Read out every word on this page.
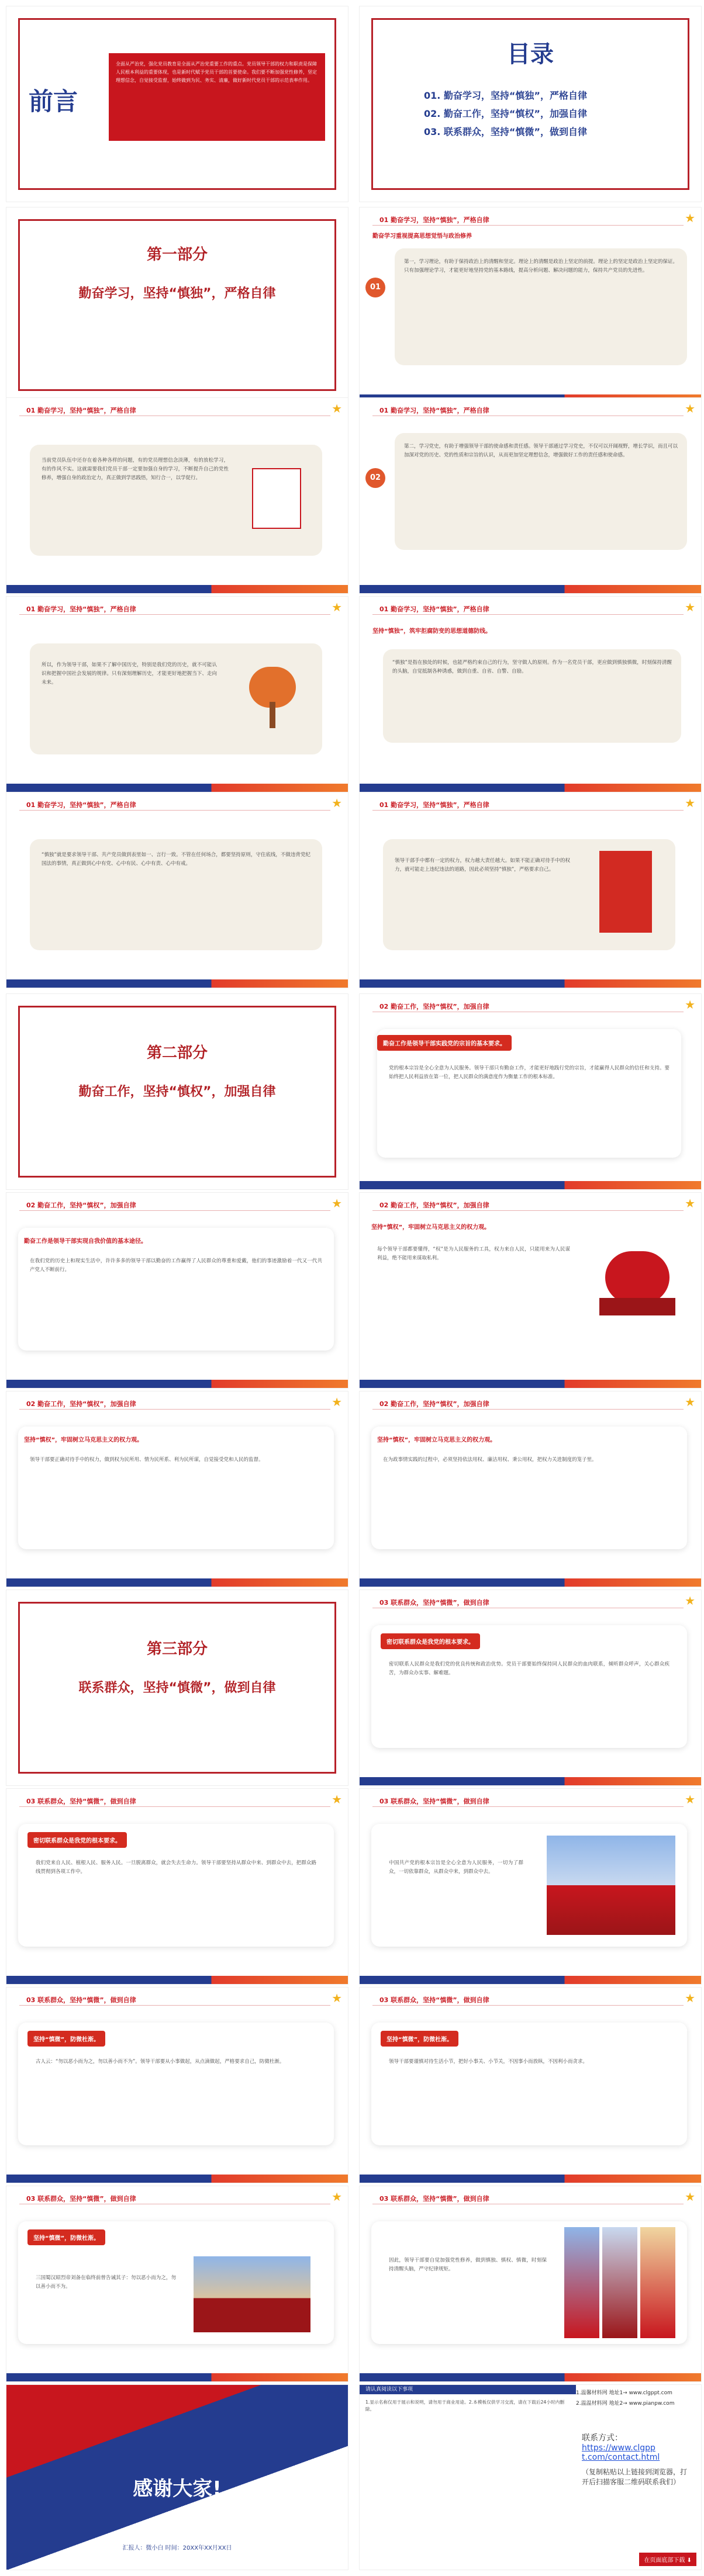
前言
全面从严治党，强化党员教育是全面从严治党重要工作的重点。党员领导干部的权力和职责是保障人民根本利益的重要体现，也是新时代赋予党员干部的首要使命。我们要不断加强党性修养，坚定理想信念，自觉接受监督，始终做到为民、务实、清廉，做好新时代党员干部的示范表率作用。
目录
01. 勤奋学习，坚持“慎独”，严格自律
02. 勤奋工作，坚持“慎权”，加强自律
03. 联系群众，坚持“慎微”，做到自律
第一部分
勤奋学习，坚持“慎独”，严格自律
01 勤奋学习，坚持“慎独”，严格自律	★
勤奋学习重视提高思想觉悟与政治修养
01
第一，学习理论，有助于保持政治上的清醒和坚定。理论上的清醒是政治上坚定的前提。理论上的坚定是政治上坚定的保证。只有加强理论学习，才能更好地坚持党的基本路线，提高分析问题、解决问题的能力，保持共产党员的先进性。
01 勤奋学习，坚持“慎独”，严格自律	★
当前党员队伍中还存在着各种各样的问题，有的党员理想信念淡薄，有的放松学习，有的作风不实。这就需要我们党员干部一定要加强自身的学习，不断提升自己的党性修养，增强自身的政治定力，真正做到学思践悟，知行合一，以学促行。
01 勤奋学习，坚持“慎独”，严格自律	★
02
第二，学习党史，有助于增强领导干部的使命感和责任感。领导干部通过学习党史，不仅可以开阔视野，增长学识，而且可以加深对党的历史、党的性质和宗旨的认识，从而更加坚定理想信念，增强做好工作的责任感和使命感。
01 勤奋学习，坚持“慎独”，严格自律	★
所以，作为领导干部，如果不了解中国历史，特别是我们党的历史，就不可能认识和把握中国社会发展的规律。只有深刻理解历史，才能更好地把握当下、走向未来。
01 勤奋学习，坚持“慎独”，严格自律	★
坚持“慎独”，筑牢拒腐防变的思想道德防线。
“慎独”是指在独处的时候，也能严格约束自己的行为，坚守做人的原则。作为一名党员干部，更应做到慎独慎微，时刻保持清醒的头脑，自觉抵制各种诱惑，做到自重、自省、自警、自励。
01 勤奋学习，坚持“慎独”，严格自律	★
“慎独”就是要求领导干部、共产党员做到表里如一、言行一致。不管在任何场合，都要坚持原则，守住底线，不做违背党纪国法的事情，真正做到心中有党、心中有民、心中有责、心中有戒。
01 勤奋学习，坚持“慎独”，严格自律	★
领导干部手中都有一定的权力，权力越大责任越大。如果不能正确对待手中的权力，就可能走上违纪违法的道路，因此必须坚持“慎独”，严格要求自己。
第二部分
勤奋工作，坚持“慎权”，加强自律
02 勤奋工作，坚持“慎权”，加强自律	★
勤奋工作是领导干部实践党的宗旨的基本要求。
党的根本宗旨是全心全意为人民服务。领导干部只有勤奋工作，才能更好地践行党的宗旨，才能赢得人民群众的信任和支持。要始终把人民利益放在第一位，把人民群众的满意度作为衡量工作的根本标准。
02 勤奋工作，坚持“慎权”，加强自律	★
勤奋工作是领导干部实现自我价值的基本途径。
在我们党的历史上和现实生活中，许许多多的领导干部以勤奋的工作赢得了人民群众的尊重和爱戴，他们的事迹激励着一代又一代共产党人不断前行。
02 勤奋工作，坚持“慎权”，加强自律	★
坚持“慎权”，牢固树立马克思主义的权力观。
每个领导干部都要懂得，“权”是为人民服务的工具，权力来自人民，只能用来为人民谋利益，绝不能用来谋取私利。
02 勤奋工作，坚持“慎权”，加强自律	★
坚持“慎权”，牢固树立马克思主义的权力观。
领导干部要正确对待手中的权力，做到权为民所用、情为民所系、利为民所谋，自觉接受党和人民的监督。
02 勤奋工作，坚持“慎权”，加强自律	★
坚持“慎权”，牢固树立马克思主义的权力观。
在为政事情实践的过程中，必须坚持依法用权、廉洁用权、秉公用权，把权力关进制度的笼子里。
第三部分
联系群众，坚持“慎微”，做到自律
03 联系群众，坚持“慎微”，做到自律	★
密切联系群众是我党的根本要求。
密切联系人民群众是我们党的优良传统和政治优势。党员干部要始终保持同人民群众的血肉联系，倾听群众呼声，关心群众疾苦，为群众办实事、解难题。
03 联系群众，坚持“慎微”，做到自律	★
密切联系群众是我党的根本要求。
我们党来自人民、植根人民、服务人民。一旦脱离群众，就会失去生命力。领导干部要坚持从群众中来、到群众中去，把群众路线贯彻到各项工作中。
03 联系群众，坚持“慎微”，做到自律	★
中国共产党的根本宗旨是全心全意为人民服务，一切为了群众，一切依靠群众，从群众中来，到群众中去。
03 联系群众，坚持“慎微”，做到自律	★
坚持“慎微”，防微杜渐。
古人云：“勿以恶小而为之，勿以善小而不为”。领导干部要从小事做起，从点滴做起，严格要求自己，防微杜渐。
03 联系群众，坚持“慎微”，做到自律	★
坚持“慎微”，防微杜渐。
领导干部要谨慎对待生活小节，把好小事关、小节关，不因事小而放纵，不因利小而贪求。
03 联系群众，坚持“慎微”，做到自律	★
坚持“慎微”，防微杜渐。
三国蜀汉昭烈帝刘备在临终前曾告诫其子：勿以恶小而为之，勿以善小而不为。
03 联系群众，坚持“慎微”，做到自律	★
因此，领导干部要自觉加强党性修养，做到慎独、慎权、慎微，时刻保持清醒头脑，严守纪律规矩。
感谢大家!
汇报人：微小白 时间：20XX年XX月XX日
请认真阅读以下事项
1.显示名称仅用于展示和说明，请勿用于商业用途。2.本模板仅供学习交流，请在下载后24小时内删除。
1.温馨材料网 地址1→ www.clgppt.com
2.温温材料网 地址2→ www.pianpw.com
联系方式：
https://www.clgpp t.com/contact.html
（复制粘贴以上链接到浏览器，打开后扫描客服二维码联系我们）
在页面底部下载 ⬇
